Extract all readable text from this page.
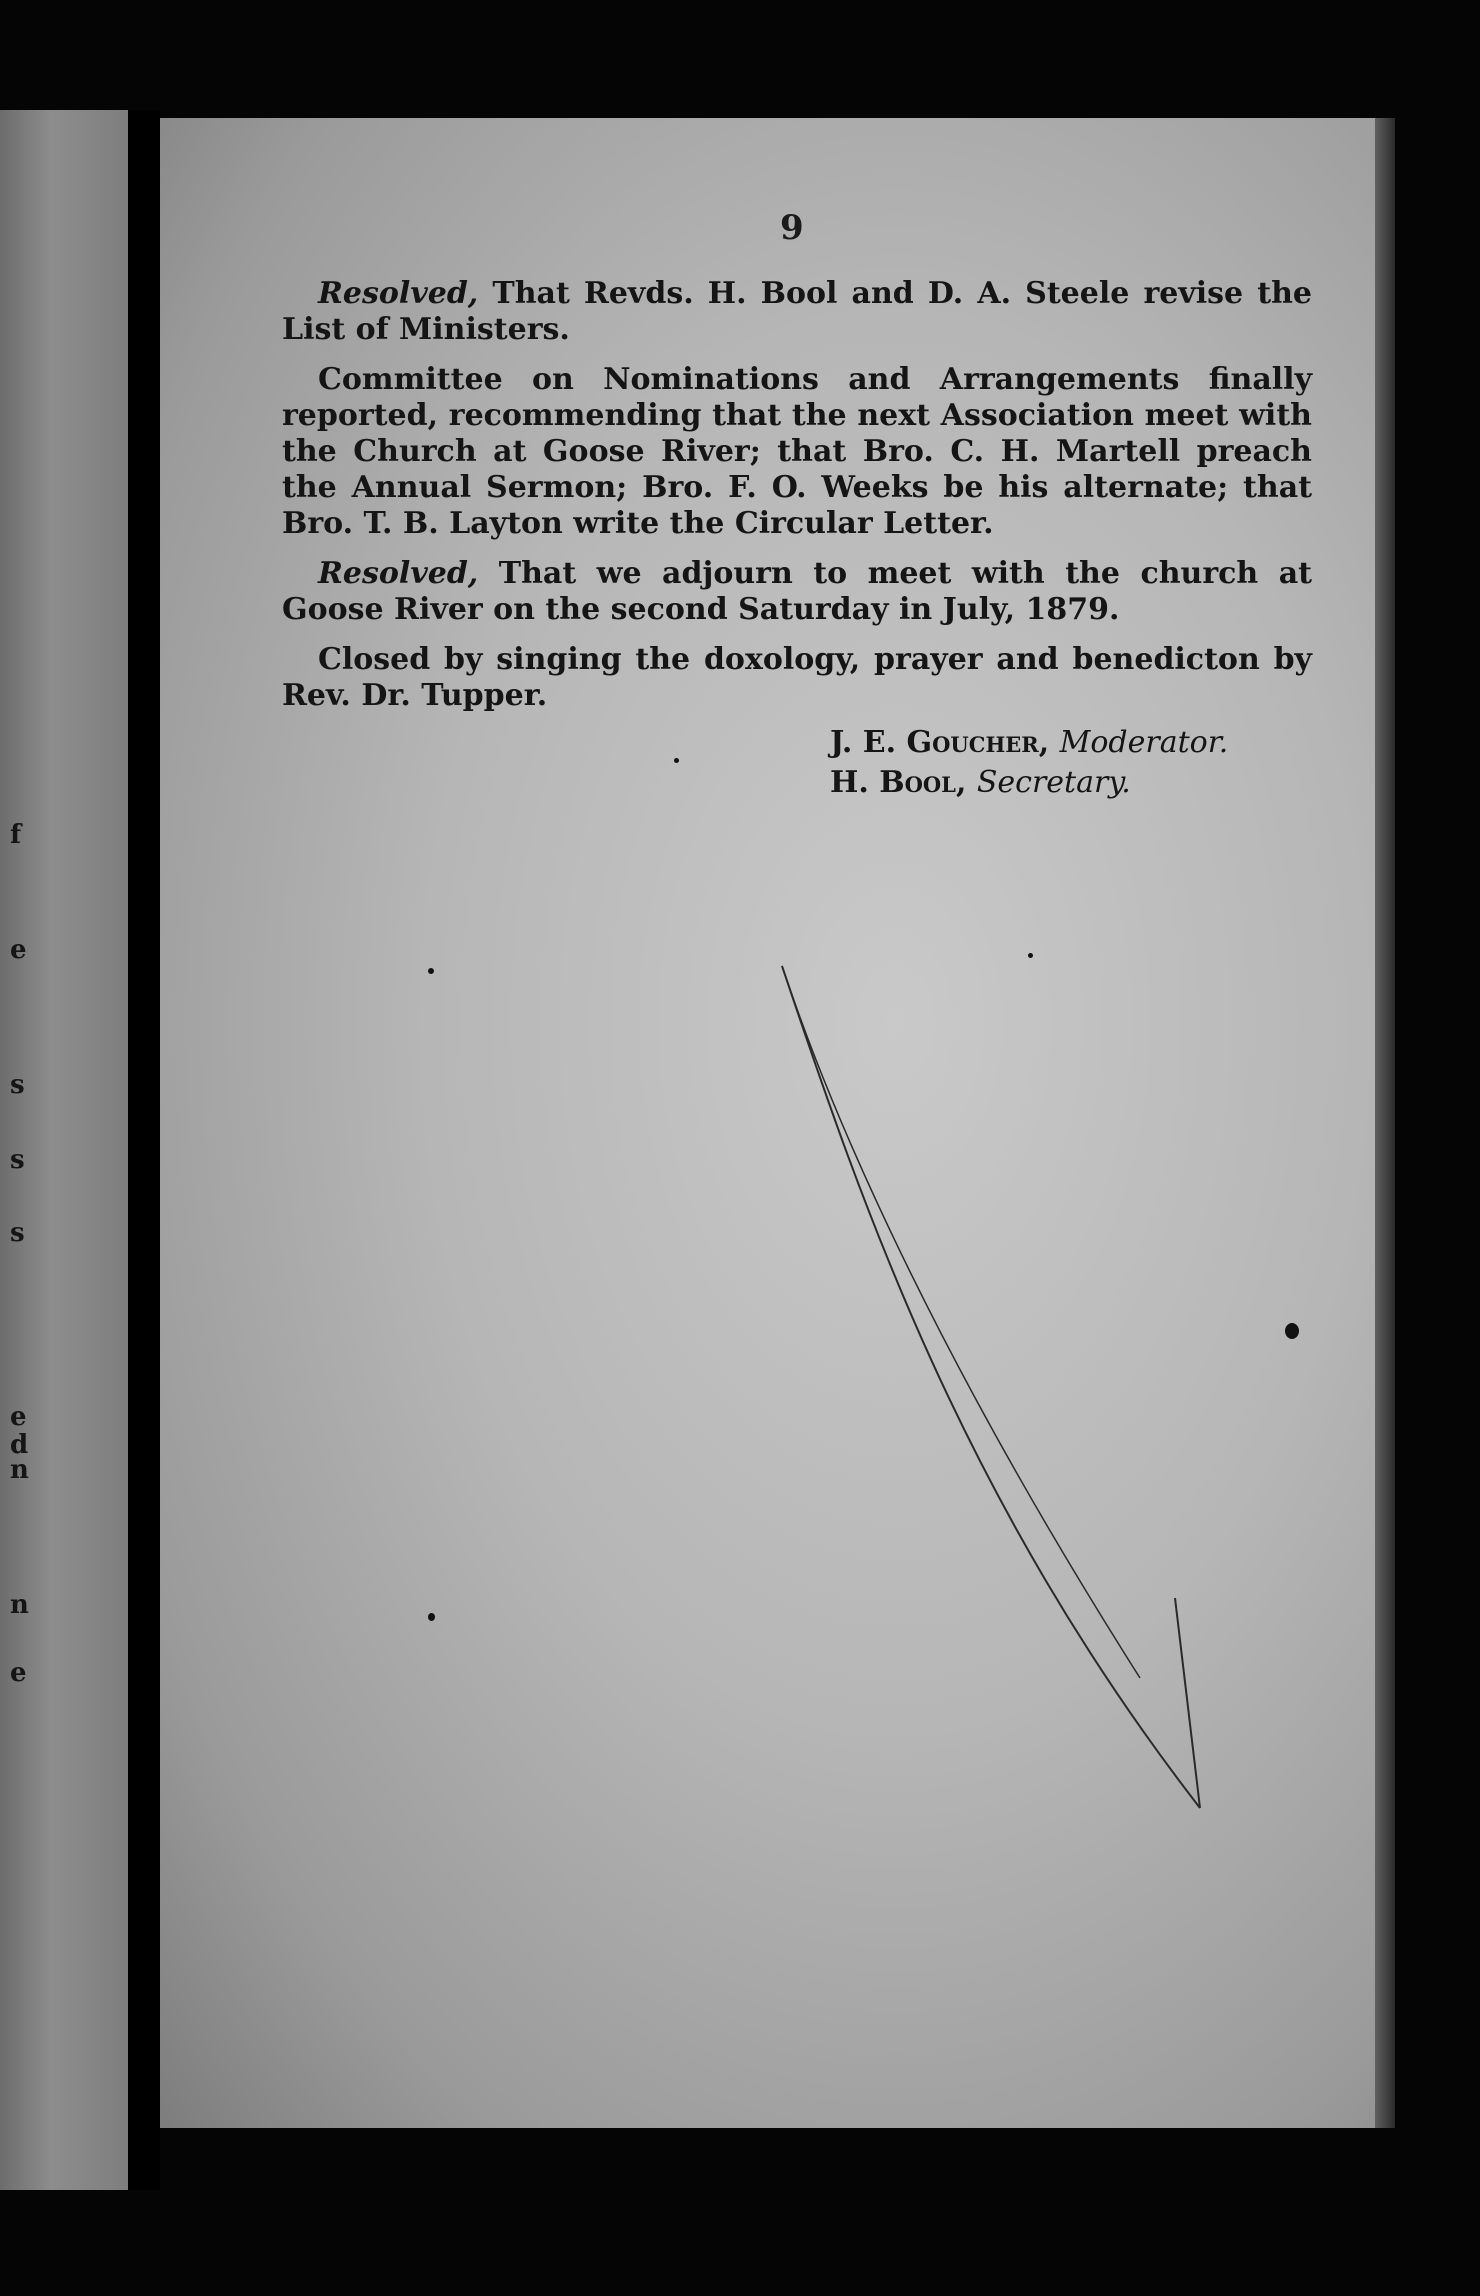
f
e
s
s
s
d
e
n
n
e
9

Resolved, That Revds. H. Bool and D. A. Steele revise the List of Ministers.

Committee on Nominations and Arrangements finally reported, recommending that the next Association meet with the Church at Goose River; that Bro. C. H. Martell preach the Annual Sermon; Bro. F. O. Weeks be his alternate; that Bro. T. B. Layton write the Circular Letter.

Resolved, That we adjourn to meet with the church at Goose River on the second Saturday in July, 1879.

Closed by singing the doxology, prayer and benedicton by Rev. Dr. Tupper.

J. E. Goucher, Moderator.
H. Bool, Secretary.
